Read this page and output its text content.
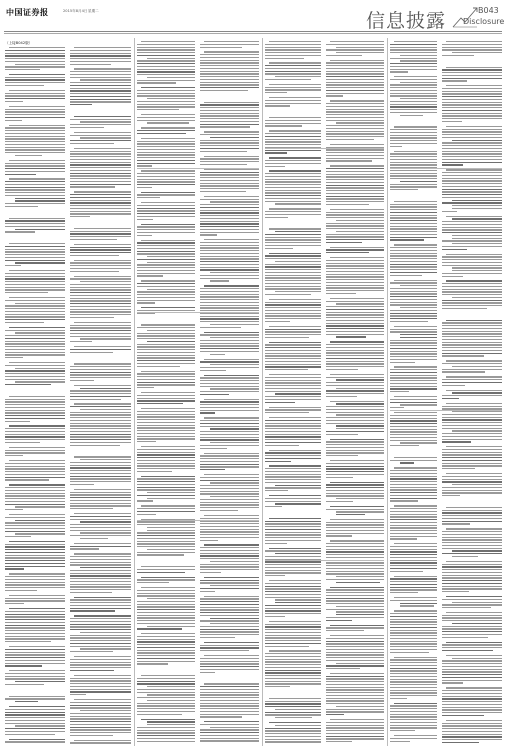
中国证券报	2015年8月4日 星期二	信息披露	B043
Disclosure
（上接B042版）
